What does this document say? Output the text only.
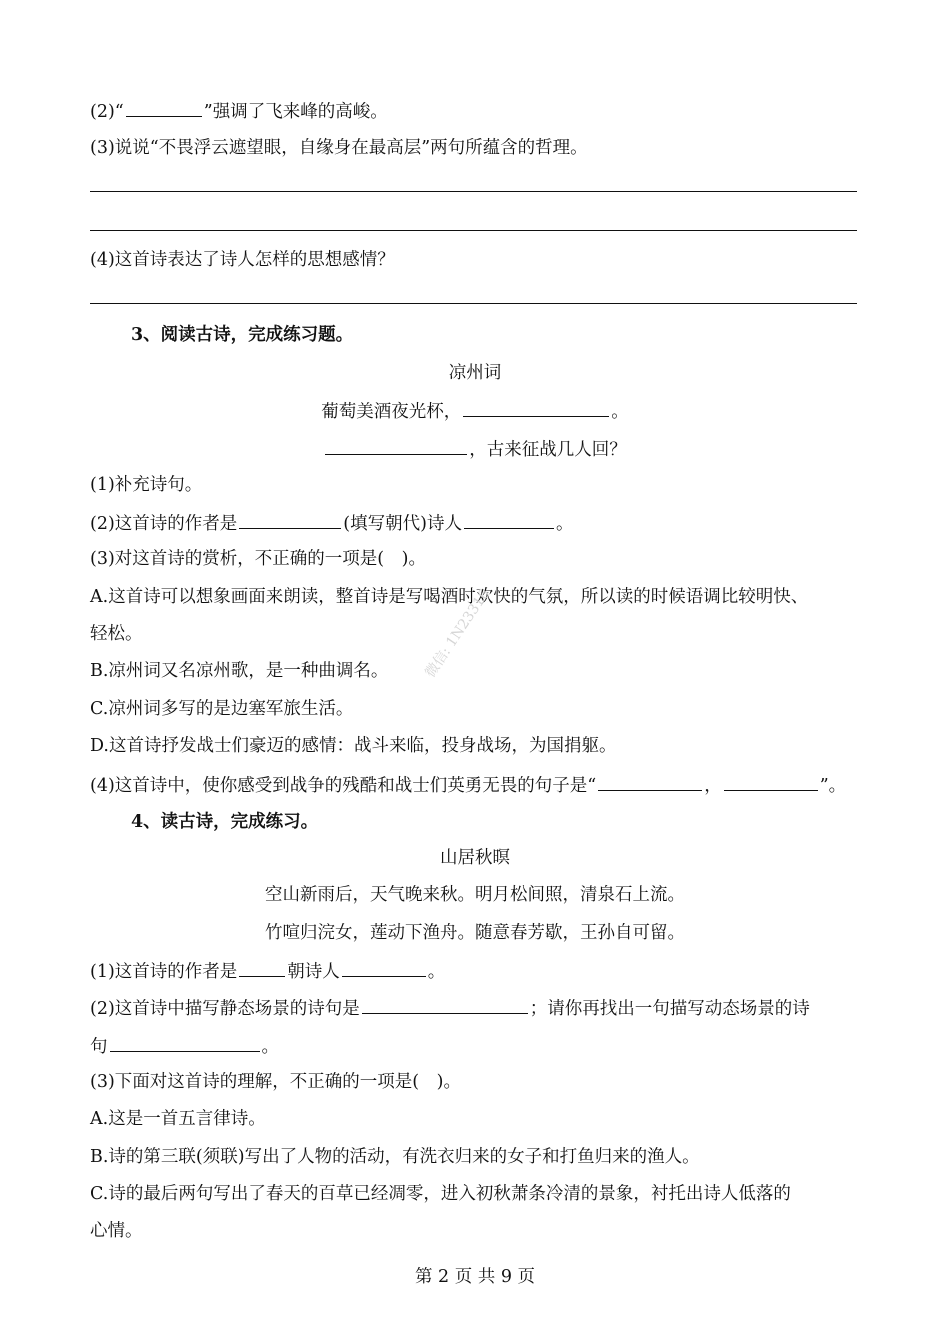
(2)“	”强调了飞来峰的高峻。
(3)说说“不畏浮云遮望眼，自缘身在最高层”两句所蕴含的哲理。
(4)这首诗表达了诗人怎样的思想感情？
3、阅读古诗，完成练习题。
凉州词
葡萄美酒夜光杯，	。
，古来征战几人回？
(1)补充诗句。
(2)这首诗的作者是	(填写朝代)诗人	。
(3)对这首诗的赏析，不正确的一项是(　)。
A.这首诗可以想象画面来朗读，整首诗是写喝酒时欢快的气氛，所以读的时候语调比较明快、
轻松。
B.凉州词又名凉州歌，是一种曲调名。
C.凉州词多写的是边塞军旅生活。
D.这首诗抒发战士们豪迈的感情：战斗来临，投身战场，为国捐躯。
(4)这首诗中，使你感受到战争的残酷和战士们英勇无畏的句子是“	，	”。
4、读古诗，完成练习。
山居秋暝
空山新雨后，天气晚来秋。明月松间照，清泉石上流。
竹喧归浣女，莲动下渔舟。随意春芳歇，王孙自可留。
(1)这首诗的作者是	朝诗人	。
(2)这首诗中描写静态场景的诗句是	；请你再找出一句描写动态场景的诗
句	。
(3)下面对这首诗的理解，不正确的一项是(　)。
A.这是一首五言律诗。
B.诗的第三联(须联)写出了人物的活动，有洗衣归来的女子和打鱼归来的渔人。
C.诗的最后两句写出了春天的百草已经凋零，进入初秋萧条冷清的景象，衬托出诗人低落的
心情。
微信: 1N23316
第 2 页 共 9 页
